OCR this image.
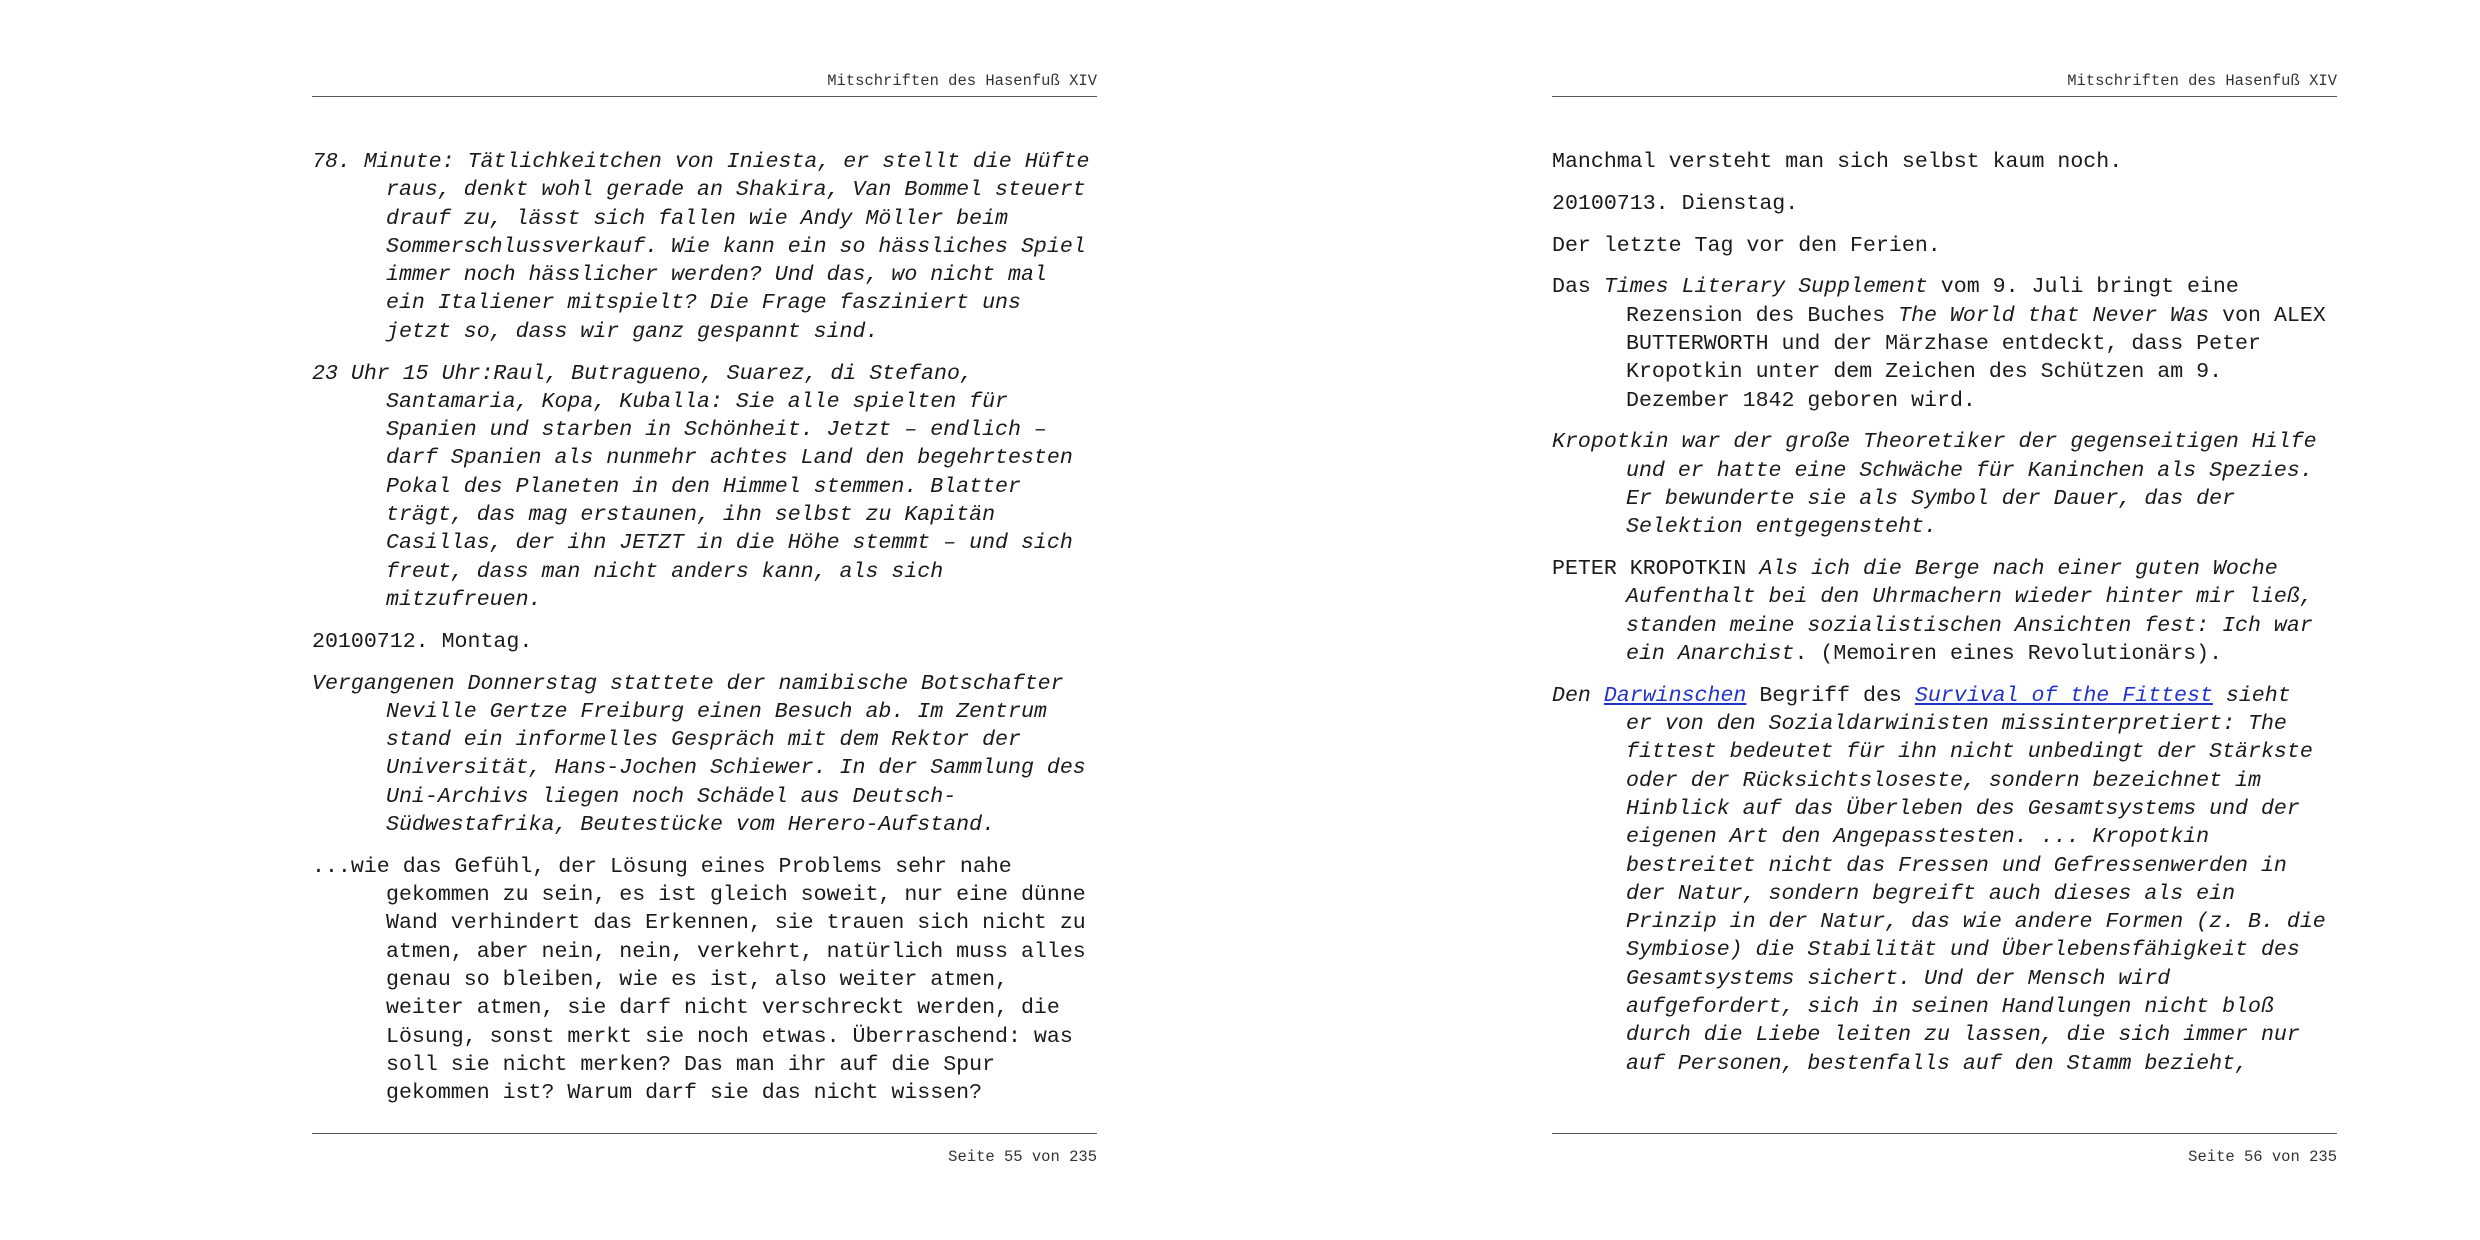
Mitschriften des Hasenfuß XIV

78. Minute: Tätlichkeitchen von Iniesta, er stellt die Hüfte
raus, denkt wohl gerade an Shakira, Van Bommel steuert
drauf zu, lässt sich fallen wie Andy Möller beim
Sommerschlussverkauf. Wie kann ein so hässliches Spiel
immer noch hässlicher werden? Und das, wo nicht mal
ein Italiener mitspielt? Die Frage fasziniert uns
jetzt so, dass wir ganz gespannt sind.

23 Uhr 15 Uhr:Raul, Butragueno, Suarez, di Stefano,
Santamaria, Kopa, Kuballa: Sie alle spielten für
Spanien und starben in Schönheit. Jetzt – endlich –
darf Spanien als nunmehr achtes Land den begehrtesten
Pokal des Planeten in den Himmel stemmen. Blatter
trägt, das mag erstaunen, ihn selbst zu Kapitän
Casillas, der ihn JETZT in die Höhe stemmt – und sich
freut, dass man nicht anders kann, als sich
mitzufreuen.

20100712. Montag.

Vergangenen Donnerstag stattete der namibische Botschafter
Neville Gertze Freiburg einen Besuch ab. Im Zentrum
stand ein informelles Gespräch mit dem Rektor der
Universität, Hans-Jochen Schiewer. In der Sammlung des
Uni-Archivs liegen noch Schädel aus Deutsch-
Südwestafrika, Beutestücke vom Herero-Aufstand.

...wie das Gefühl, der Lösung eines Problems sehr nahe
gekommen zu sein, es ist gleich soweit, nur eine dünne
Wand verhindert das Erkennen, sie trauen sich nicht zu
atmen, aber nein, nein, verkehrt, natürlich muss alles
genau so bleiben, wie es ist, also weiter atmen,
weiter atmen, sie darf nicht verschreckt werden, die
Lösung, sonst merkt sie noch etwas. Überraschend: was
soll sie nicht merken? Das man ihr auf die Spur
gekommen ist? Warum darf sie das nicht wissen?

Seite 55 von 235
Mitschriften des Hasenfuß XIV

Manchmal versteht man sich selbst kaum noch.

20100713. Dienstag.

Der letzte Tag vor den Ferien.

Das Times Literary Supplement vom 9. Juli bringt eine
Rezension des Buches The World that Never Was von ALEX
BUTTERWORTH und der Märzhase entdeckt, dass Peter
Kropotkin unter dem Zeichen des Schützen am 9.
Dezember 1842 geboren wird.

Kropotkin war der große Theoretiker der gegenseitigen Hilfe
und er hatte eine Schwäche für Kaninchen als Spezies.
Er bewunderte sie als Symbol der Dauer, das der
Selektion entgegensteht.

PETER KROPOTKIN Als ich die Berge nach einer guten Woche
Aufenthalt bei den Uhrmachern wieder hinter mir ließ,
standen meine sozialistischen Ansichten fest: Ich war
ein Anarchist. (Memoiren eines Revolutionärs).

Den Darwinschen Begriff des Survival of the Fittest sieht
er von den Sozialdarwinisten missinterpretiert: The
fittest bedeutet für ihn nicht unbedingt der Stärkste
oder der Rücksichtsloseste, sondern bezeichnet im
Hinblick auf das Überleben des Gesamtsystems und der
eigenen Art den Angepasstesten. ... Kropotkin
bestreitet nicht das Fressen und Gefressenwerden in
der Natur, sondern begreift auch dieses als ein
Prinzip in der Natur, das wie andere Formen (z. B. die
Symbiose) die Stabilität und Überlebensfähigkeit des
Gesamtsystems sichert. Und der Mensch wird
aufgefordert, sich in seinen Handlungen nicht bloß
durch die Liebe leiten zu lassen, die sich immer nur
auf Personen, bestenfalls auf den Stamm bezieht,

Seite 56 von 235
